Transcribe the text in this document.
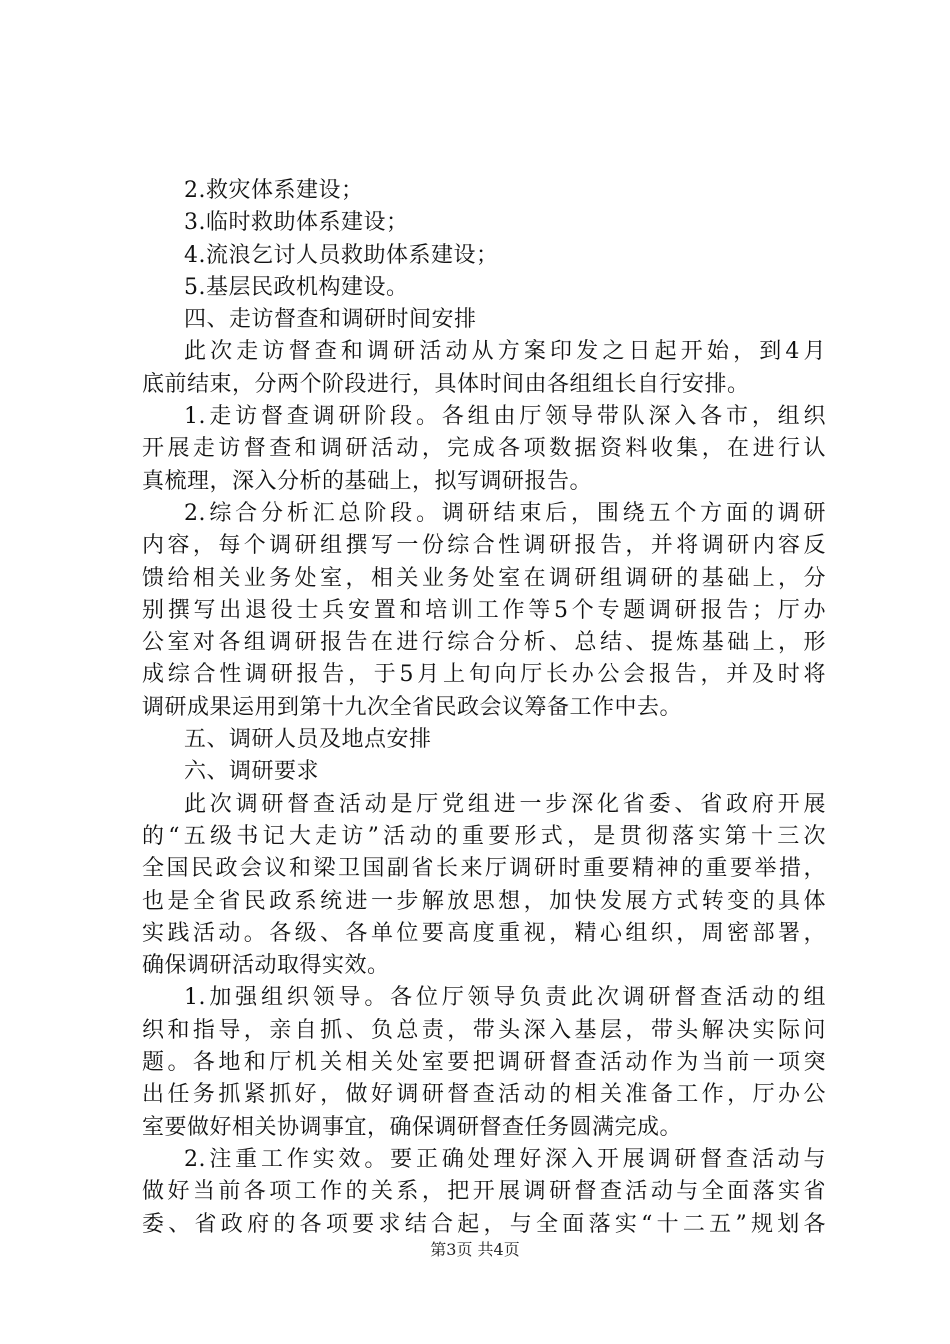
2.救灾体系建设；
3.临时救助体系建设；
4.流浪乞讨人员救助体系建设；
5.基层民政机构建设。
四、走访督查和调研时间安排
此次走访督查和调研活动从方案印发之日起开始，到4月
底前结束，分两个阶段进行，具体时间由各组组长自行安排。
1.走访督查调研阶段。各组由厅领导带队深入各市，组织
开展走访督查和调研活动，完成各项数据资料收集，在进行认
真梳理，深入分析的基础上，拟写调研报告。
2.综合分析汇总阶段。调研结束后，围绕五个方面的调研
内容，每个调研组撰写一份综合性调研报告，并将调研内容反
馈给相关业务处室，相关业务处室在调研组调研的基础上，分
别撰写出退役士兵安置和培训工作等5个专题调研报告；厅办
公室对各组调研报告在进行综合分析、总结、提炼基础上，形
成综合性调研报告，于5月上旬向厅长办公会报告，并及时将
调研成果运用到第十九次全省民政会议筹备工作中去。
五、调研人员及地点安排
六、调研要求
此次调研督查活动是厅党组进一步深化省委、省政府开展
的“五级书记大走访”活动的重要形式，是贯彻落实第十三次
全国民政会议和梁卫国副省长来厅调研时重要精神的重要举措，
也是全省民政系统进一步解放思想，加快发展方式转变的具体
实践活动。各级、各单位要高度重视，精心组织，周密部署，
确保调研活动取得实效。
1.加强组织领导。各位厅领导负责此次调研督查活动的组
织和指导，亲自抓、负总责，带头深入基层，带头解决实际问
题。各地和厅机关相关处室要把调研督查活动作为当前一项突
出任务抓紧抓好，做好调研督查活动的相关准备工作，厅办公
室要做好相关协调事宜，确保调研督查任务圆满完成。
2.注重工作实效。要正确处理好深入开展调研督查活动与
做好当前各项工作的关系，把开展调研督查活动与全面落实省
委、省政府的各项要求结合起，与全面落实“十二五”规划各
第3页 共4页
